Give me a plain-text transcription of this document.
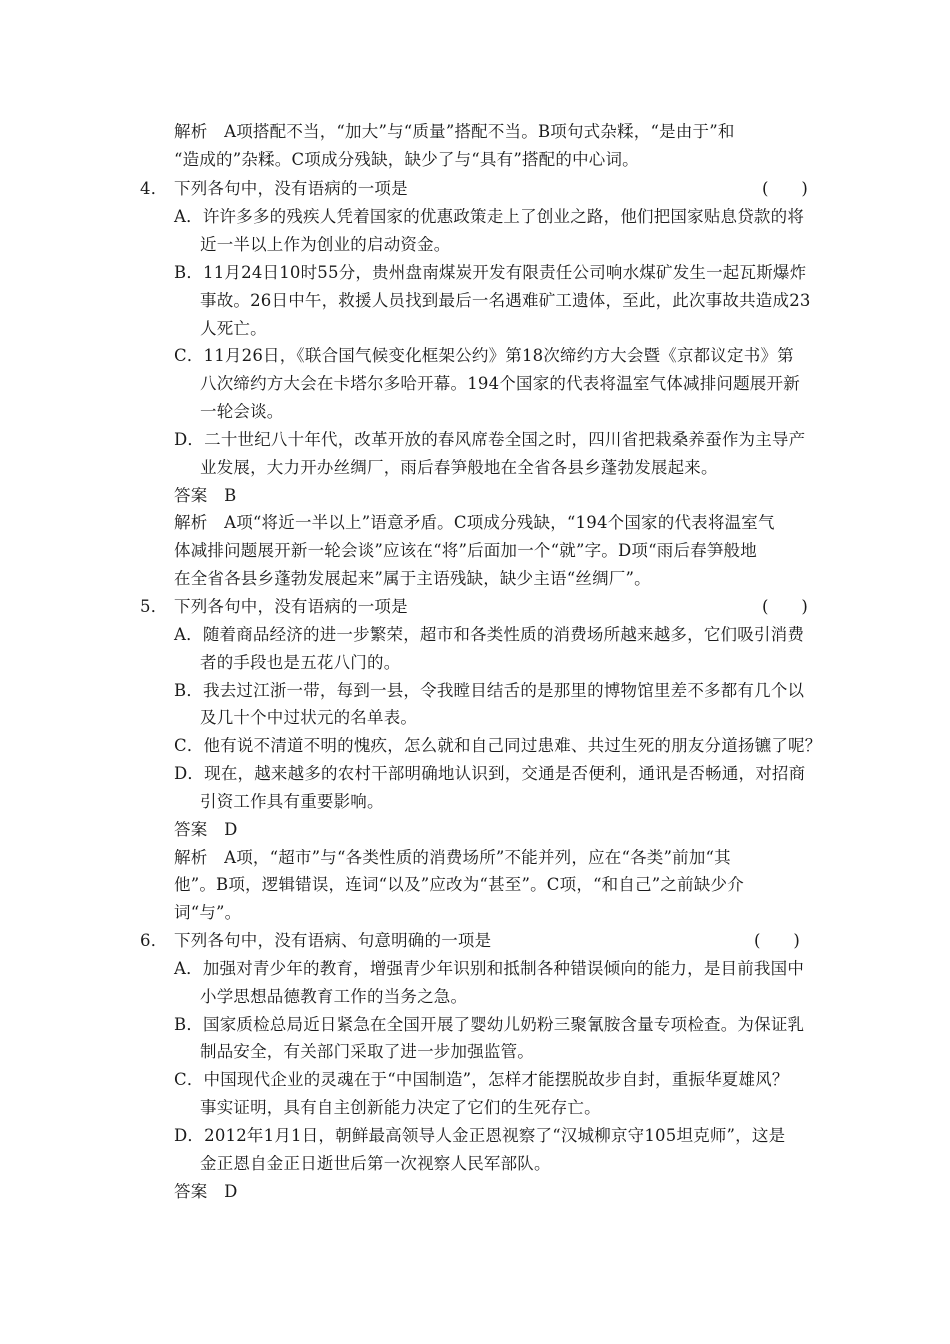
解析　A项搭配不当，“加大”与“质量”搭配不当。B项句式杂糅，“是由于”和
“造成的”杂糅。C项成分残缺，缺少了与“具有”搭配的中心词。
4． 下列各句中，没有语病的一项是	(　　)
A．许许多多的残疾人凭着国家的优惠政策走上了创业之路，他们把国家贴息贷款的将
近一半以上作为创业的启动资金。
B．11月24日10时55分，贵州盘南煤炭开发有限责任公司响水煤矿发生一起瓦斯爆炸
事故。26日中午，救援人员找到最后一名遇难矿工遗体，至此，此次事故共造成23
人死亡。
C．11月26日，《联合国气候变化框架公约》第18次缔约方大会暨《京都议定书》第
八次缔约方大会在卡塔尔多哈开幕。194个国家的代表将温室气体减排问题展开新
一轮会谈。
D．二十世纪八十年代，改革开放的春风席卷全国之时，四川省把栽桑养蚕作为主导产
业发展，大力开办丝绸厂，雨后春笋般地在全省各县乡蓬勃发展起来。
答案　B
解析　A项“将近一半以上”语意矛盾。C项成分残缺，“194个国家的代表将温室气
体减排问题展开新一轮会谈”应该在“将”后面加一个“就”字。D项“雨后春笋般地
在全省各县乡蓬勃发展起来”属于主语残缺，缺少主语“丝绸厂”。
5． 下列各句中，没有语病的一项是	(　　)
A．随着商品经济的进一步繁荣，超市和各类性质的消费场所越来越多，它们吸引消费
者的手段也是五花八门的。
B．我去过江浙一带，每到一县，令我瞠目结舌的是那里的博物馆里差不多都有几个以
及几十个中过状元的名单表。
C．他有说不清道不明的愧疚，怎么就和自己同过患难、共过生死的朋友分道扬镳了呢？
D．现在，越来越多的农村干部明确地认识到，交通是否便利，通讯是否畅通，对招商
引资工作具有重要影响。
答案　D
解析　A项，“超市”与“各类性质的消费场所”不能并列，应在“各类”前加“其
他”。B项，逻辑错误，连词“以及”应改为“甚至”。C项，“和自己”之前缺少介
词“与”。
6． 下列各句中，没有语病、句意明确的一项是	(　　)
A．加强对青少年的教育，增强青少年识别和抵制各种错误倾向的能力，是目前我国中
小学思想品德教育工作的当务之急。
B．国家质检总局近日紧急在全国开展了婴幼儿奶粉三聚氰胺含量专项检查。为保证乳
制品安全，有关部门采取了进一步加强监管。
C．中国现代企业的灵魂在于“中国制造”，怎样才能摆脱故步自封，重振华夏雄风？
事实证明，具有自主创新能力决定了它们的生死存亡。
D．2012年1月1日，朝鲜最高领导人金正恩视察了“汉城柳京守105坦克师”，这是
金正恩自金正日逝世后第一次视察人民军部队。
答案　D
